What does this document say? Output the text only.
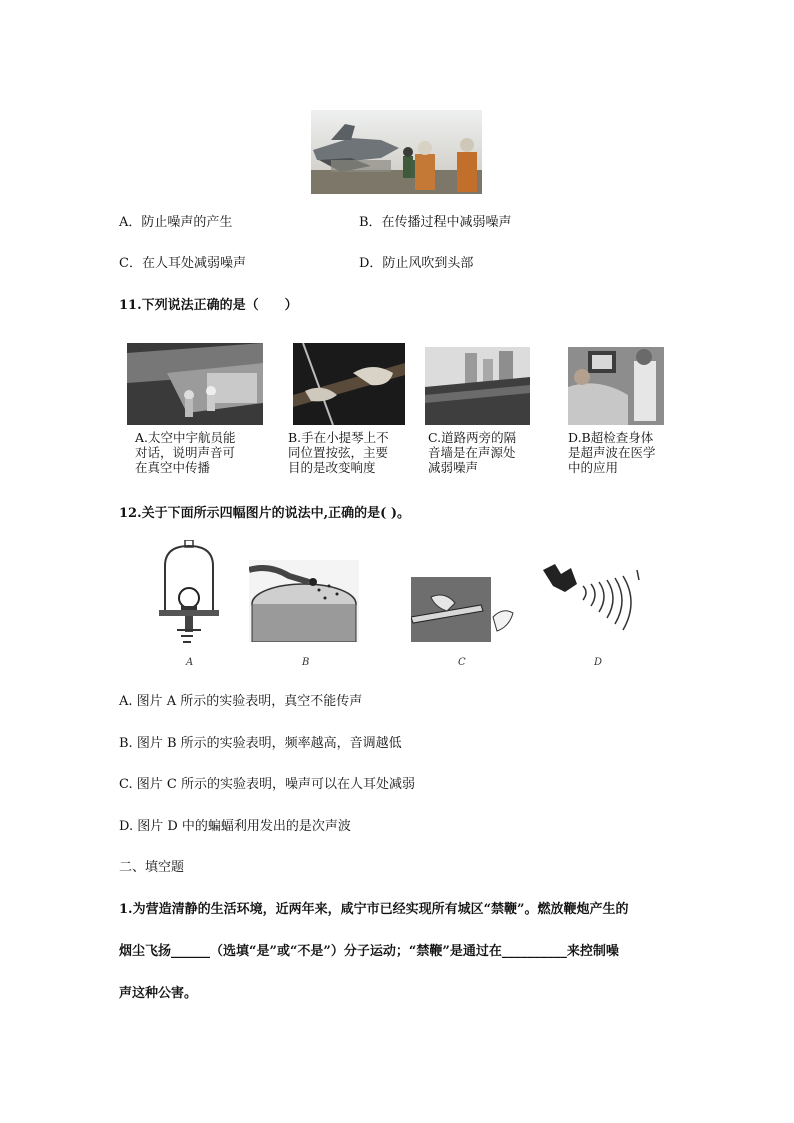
A．防止噪声的产生	B．在传播过程中减弱噪声
C．在人耳处减弱噪声	D．防止风吹到头部
11.下列说法正确的是（　　）
A.太空中宇航员能
对话，说明声音可
在真空中传播
B.手在小提琴上不
同位置按弦，主要
目的是改变响度
C.道路两旁的隔
音墙是在声源处
减弱噪声
D.B超检查身体
是超声波在医学
中的应用
12.关于下面所示四幅图片的说法中,正确的是( )。
A	B	C	D
A. 图片 A 所示的实验表明，真空不能传声
B. 图片 B 所示的实验表明，频率越高，音调越低
C. 图片 C 所示的实验表明，噪声可以在人耳处减弱
D. 图片 D 中的蝙蝠利用发出的是次声波
二、填空题
1.为营造清静的生活环境，近两年来，咸宁市已经实现所有城区“禁鞭”。燃放鞭炮产生的
烟尘飞扬______（选填“是”或“不是”）分子运动；“禁鞭”是通过在__________来控制噪
声这种公害。
